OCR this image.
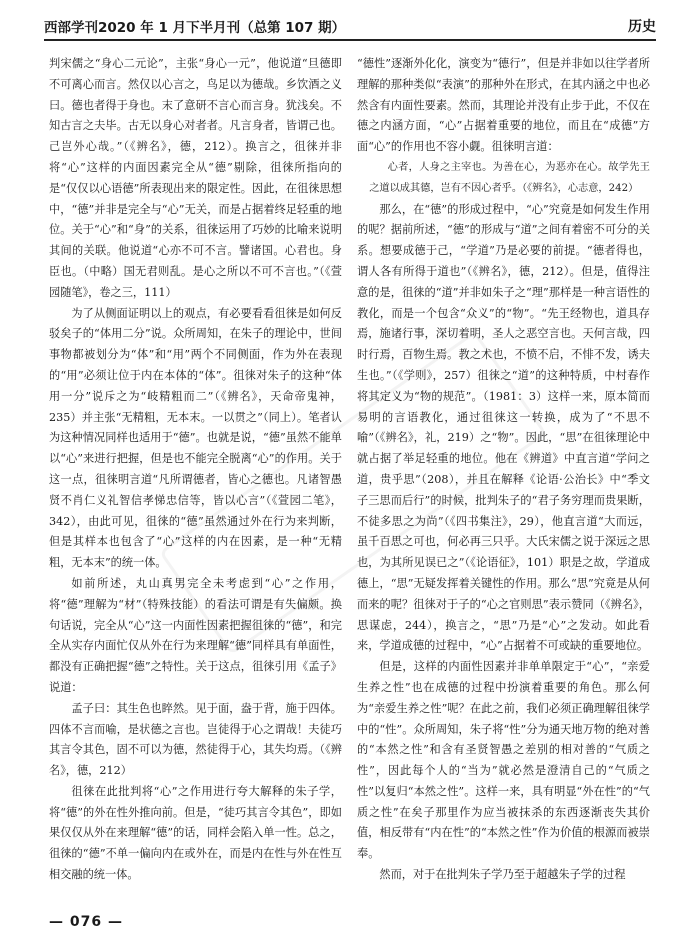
西部学刊2020 年 1 月下半月刊（总第 107 期）	历史

判宋儒之“身心二元论”，主张“身心一元”，他说道“旦德即不可离心而言。然仅以心言之，鸟足以为德哉。乡饮酒之义曰。德也者得于身也。末了意研不言心而言身。犹浅矣。不知古言之夫毕。古无以身心对者者。凡言身者，皆谓己也。己岂外心哉。”（《辨名》，德，212）。换言之，徂徕并非将“心”这样的内面因素完全从“德”剔除，徂徕所指向的是“仅仅以心语德”所表现出来的限定性。因此，在徂徕思想中，“德”并非是完全与“心”无关，而是占据着终足轻重的地位。关于“心”和“身”的关系，徂徕运用了巧妙的比喻来说明其间的关联。他说道“心亦不可不言。譬诸国。心君也。身臣也。（中略）国无君则乱。是心之所以不可不言也。”（《萱园随笔》，卷之三，111）

为了从侧面证明以上的观点，有必要看看徂徕是如何反驳矣子的“体用二分”说。众所周知，在朱子的理论中，世间事物都被划分为“体”和“用”两个不同侧面，作为外在表现的“用”必须让位于内在本体的“体”。徂徕对朱子的这种“体用一分”说斥之为“岐精粗而二”（《辨名》，天命帝鬼神，235）并主张“无精粗，无本末。一以贯之”（同上）。笔者认为这种情况同样也适用于“德”。也就是说，“德”虽然不能单以“心”来进行把握，但是也不能完全脱离“心”的作用。关于这一点，徂徕明言道“凡所谓德者，皆心之德也。凡诸智愚贤不肖仁义礼智信孝悌忠信等，皆以心言”（《萱园二笔》，342），由此可见，徂徕的“德”虽然通过外在行为来判断，但是其样本也包含了“心”这样的内在因素，是一种“无精粗，无本末”的统一体。

如前所述，丸山真男完全未考虑到“心”之作用，将“德”理解为“材”（特殊技能）的看法可谓是有失偏颇。换句话说，完全从“心”这一内面性因素把握徂徕的“德”，和完全从实存内面忙仅从外在行为来理解“德”同样具有单面性，都没有正确把握“德”之特性。关于这点，徂徕引用《孟子》说道：

孟子曰：其生色也睟然。见于面，盎于背，施于四体。四体不言而喻，是状德之言也。岂徒得于心之谓哉！夫徒巧其言令其色，固不可以为德，然徒得于心，其失均焉。（《辨名》，德，212）

徂徕在此批判将“心”之作用进行夸大解释的朱子学，将“德”的外在性外推向前。但是，“徒巧其言令其色”，即如果仅仅从外在来理解“德”的话，同样会陷入单一性。总之，徂徕的“德”不单一偏向内在或外在，而是内在性与外在性互相交融的统一体。

“德性”逐渐外化化，演变为“德行”，但是并非如以往学者所理解的那种类似“表演”的那种外在形式，在其内涵之中也必然含有内面性要素。然而，其理论并没有止步于此，不仅在德之内涵方面，“心”占据着重要的地位，而且在“成德”方面“心”的作用也不容小觑。徂徕明言道：

心者，人身之主宰也。为善在心，为恶亦在心。故学先王之道以成其德，岂有不因心者乎。（《辨名》，心志意，242）

那么，在“德”的形成过程中，“心”究竟是如何发生作用的呢？据前所述，“德”的形成与“道”之间有着密不可分的关系。想要成德于己，“学道”乃是必要的前提。“德者得也，谓人各有所得于道也”（《辨名》，德，212）。但是，值得注意的是，徂徕的“道”并非如朱子之“理”那样是一种言语性的教化，而是一个包含“众义”的“物”。“先王经物也，道具存焉，施诸行事，深切着明，圣人之恶空言也。天何言哉，四时行焉，百物生焉。教之术也，不愤不启，不悱不发，诱夫生也。”（《学则》，257）徂徕之“道”的这种特质，中村春作将其定义为“物的规范”。（1981：3）这样一来，原本简而易明的言语教化，通过徂徕这一转换，成为了“不思不喻”（《辨名》，礼，219）之“物”。因此，“思”在徂徕理论中就占据了举足轻重的地位。他在《辨道》中直言道“学问之道，贵乎思”（208），并且在解释《论语·公治长》中“季文子三思而后行”的时候，批判朱子的“君子务穷理而贵果断，不徒多思之为尚”（《四书集注》，29），他直言道“大而远，虽千百思之可也，何必再三只乎。大氏宋儒之说于深远之思也，为其所见误已之”（《论语征》，101）职是之故，学道成德上，“思”无疑发挥着关键性的作用。那么“思”究竟是从何而来的呢？徂徕对于子的“心之官则思”表示赞同（《辨名》，思谋虑，244），换言之，“思”乃是“心”之发动。如此看来，学道成德的过程中，“心”占据着不可或缺的重要地位。

但是，这样的内面性因素并非单单限定于“心”，“亲爱生养之性”也在成德的过程中扮演着重要的角色。那么何为“亲爱生养之性”呢？在此之前，我们必须正确理解徂徕学中的“性”。众所周知，朱子将“性”分为通天地万物的绝对善的“本然之性”和含有圣贤智愚之差别的相对善的“气质之性”，因此每个人的“当为”就必然是澄清自己的“气质之性”以复归“本然之性”。这样一来，具有明显“外在性”的“气质之性”在矣子那里作为应当被抹杀的东西逐渐丧失其价值，相反带有“内在性”的“本然之性”作为价值的根源而被崇奉。

然而，对于在批判朱子学乃至于超越朱子学的过程

— 076 —
